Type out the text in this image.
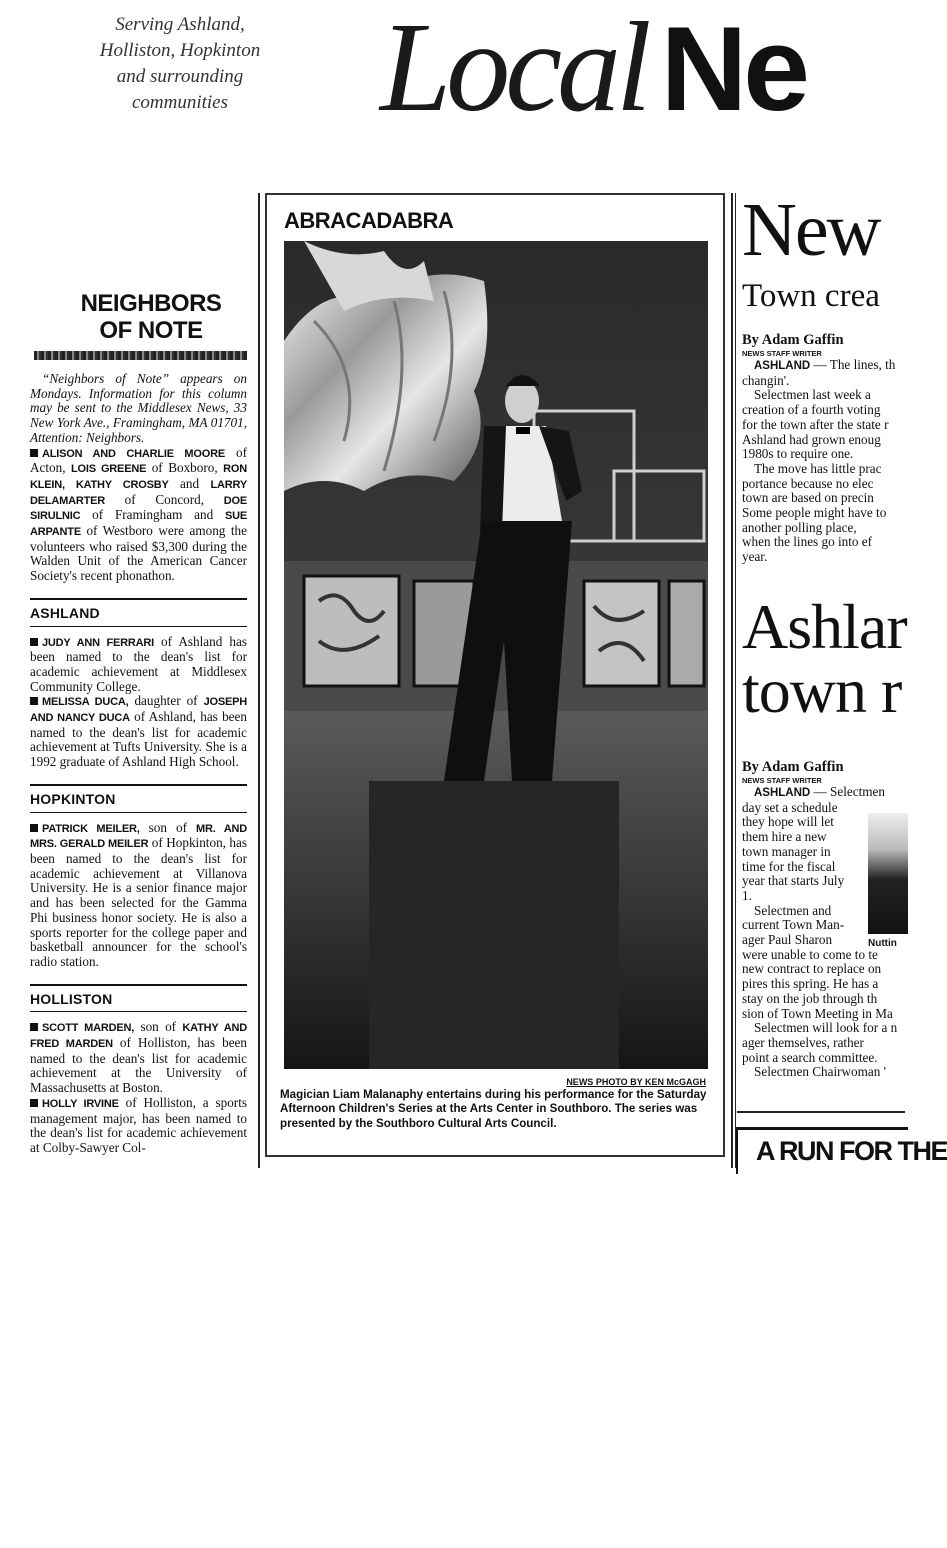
Serving Ashland,
Holliston, Hopkinton
and surrounding
communities	Local Ne
NEIGHBORS
OF NOTE

“Neighbors of Note” appears on Mondays. Information for this column may be sent to the Middlesex News, 33 New York Ave., Framingham, MA 01701, Attention: Neighbors.

ALISON AND CHARLIE MOORE of Acton, LOIS GREENE of Boxboro, RON KLEIN, KATHY CROSBY and LARRY DELAMARTER of Concord, DOE SIRULNIC of Framingham and SUE ARPANTE of Westboro were among the volunteers who raised $3,300 during the Walden Unit of the American Cancer Society's recent phonathon.

ASHLAND

JUDY ANN FERRARI of Ashland has been named to the dean's list for academic achievement at Middlesex Community College.

MELISSA DUCA, daughter of JOSEPH AND NANCY DUCA of Ashland, has been named to the dean's list for academic achievement at Tufts University. She is a 1992 graduate of Ashland High School.

HOPKINTON

PATRICK MEILER, son of MR. AND MRS. GERALD MEILER of Hopkinton, has been named to the dean's list for academic achievement at Villanova University. He is a senior finance major and has been selected for the Gamma Phi business honor society. He is also a sports reporter for the college paper and basketball announcer for the school's radio station.

HOLLISTON

SCOTT MARDEN, son of KATHY AND FRED MARDEN of Holliston, has been named to the dean's list for academic achievement at the University of Massachusetts at Boston.

HOLLY IRVINE of Holliston, a sports management major, has been named to the dean's list for academic achievement at Colby-Sawyer Col-

ABRACADABRA
NEWS PHOTO BY KEN McGAGH
Magician Liam Malanaphy entertains during his performance for the Saturday Afternoon Children's Series at the Arts Center in Southboro. The series was presented by the Southboro Cultural Arts Council.
New
Town crea
By Adam Gaffin
NEWS STAFF WRITER

ASHLAND — The lines, th

changin'.

Selectmen last week a

creation of a fourth voting

for the town after the state r

Ashland had grown enoug

1980s to require one.

The move has little prac

portance because no elec

town are based on precin

Some people might have to

another polling place,

when the lines go into ef

year.

Ashlar
town r
By Adam Gaffin
NEWS STAFF WRITER

ASHLAND — Selectmen

day set a schedule

they hope will let

them hire a new

town manager in

time for the fiscal

year that starts July

1.

Selectmen and

current Town Man-

ager Paul Sharon

were unable to come to te

new contract to replace on

pires this spring. He has a

stay on the job through th

sion of Town Meeting in Ma

Selectmen will look for a n

ager themselves, rather

point a search committee.

Selectmen Chairwoman '

Nuttin
A RUN FOR THE
